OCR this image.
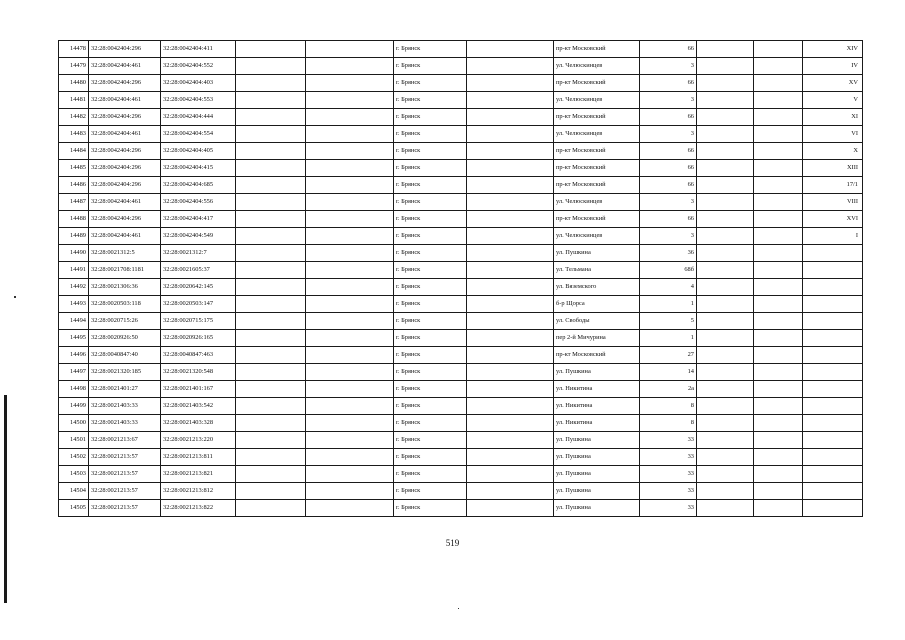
14478	32:28:0042404:296	32:28:0042404:411			г. Брянск		пр-кт Московский	66			XIV
14479	32:28:0042404:461	32:28:0042404:552			г. Брянск		ул. Челюскинцев	3			IV
14480	32:28:0042404:296	32:28:0042404:403			г. Брянск		пр-кт Московский	66			XV
14481	32:28:0042404:461	32:28:0042404:553			г. Брянск		ул. Челюскинцев	3			V
14482	32:28:0042404:296	32:28:0042404:444			г. Брянск		пр-кт Московский	66			XI
14483	32:28:0042404:461	32:28:0042404:554			г. Брянск		ул. Челюскинцев	3			VI
14484	32:28:0042404:296	32:28:0042404:405			г. Брянск		пр-кт Московский	66			X
14485	32:28:0042404:296	32:28:0042404:415			г. Брянск		пр-кт Московский	66			XIII
14486	32:28:0042404:296	32:28:0042404:685			г. Брянск		пр-кт Московский	66			17/1
14487	32:28:0042404:461	32:28:0042404:556			г. Брянск		ул. Челюскинцев	3			VIII
14488	32:28:0042404:296	32:28:0042404:417			г. Брянск		пр-кт Московский	66			XVI
14489	32:28:0042404:461	32:28:0042404:549			г. Брянск		ул. Челюскинцев	3			I
14490	32:28:0021312:5	32:28:0021312:7			г. Брянск		ул. Пушкина	36			
14491	32:28:0021708:1181	32:28:0021605:37			г. Брянск		ул. Тельмана	68б			
14492	32:28:0021306:36	32:28:0020642:145			г. Брянск		ул. Вяземского	4			
14493	32:28:0020503:118	32:28:0020503:147			г. Брянск		б-р Щорса	1			
14494	32:28:0020715:26	32:28:0020715:175			г. Брянск		ул. Свободы	5			
14495	32:28:0020926:50	32:28:0020926:165			г. Брянск		пер 2-й Мичурина	1			
14496	32:28:0040847:40	32:28:0040847:463			г. Брянск		пр-кт Московский	27			
14497	32:28:0021320:185	32:28:0021320:548			г. Брянск		ул. Пушкина	14			
14498	32:28:0021401:27	32:28:0021401:167			г. Брянск		ул. Никитина	2а			
14499	32:28:0021403:33	32:28:0021403:542			г. Брянск		ул. Никитина	8			
14500	32:28:0021403:33	32:28:0021403:328			г. Брянск		ул. Никитина	8			
14501	32:28:0021213:67	32:28:0021213:220			г. Брянск		ул. Пушкина	33			
14502	32:28:0021213:57	32:28:0021213:811			г. Брянск		ул. Пушкина	33			
14503	32:28:0021213:57	32:28:0021213:821			г. Брянск		ул. Пушкина	33			
14504	32:28:0021213:57	32:28:0021213:812			г. Брянск		ул. Пушкина	33			
14505	32:28:0021213:57	32:28:0021213:822			г. Брянск		ул. Пушкина	33			
519
